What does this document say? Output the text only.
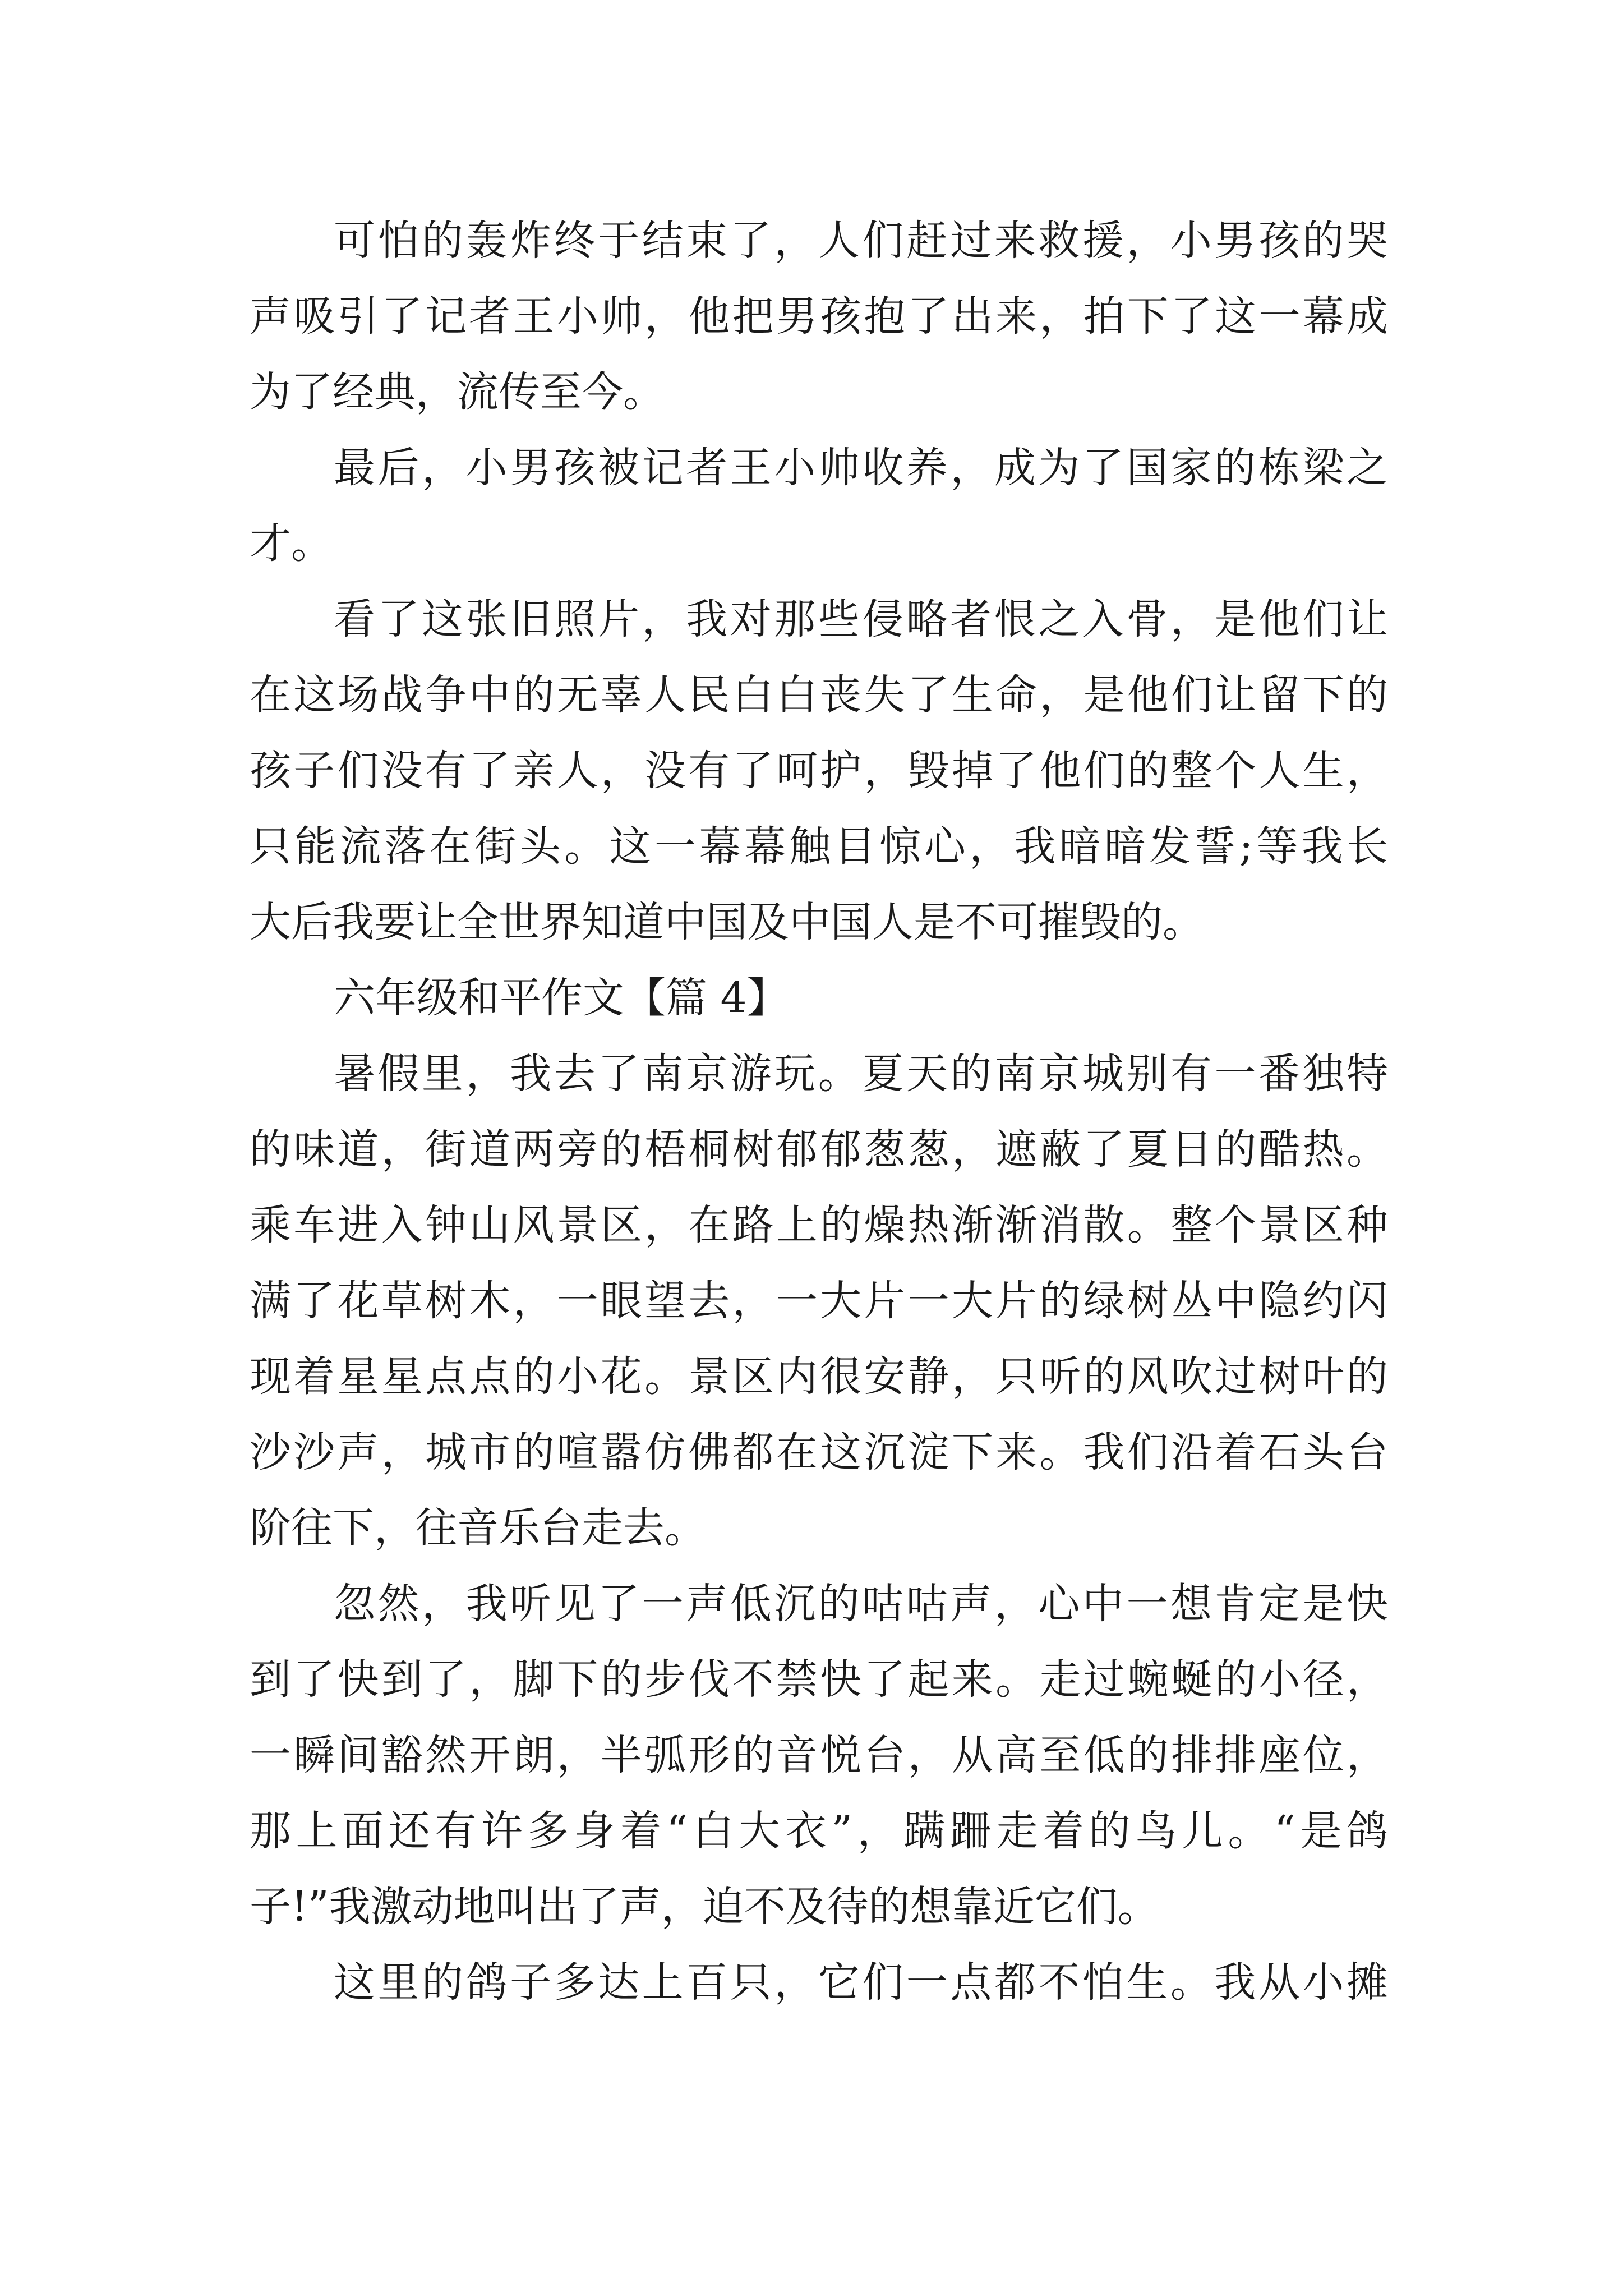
可怕的轰炸终于结束了，人们赶过来救援，小男孩的哭
声吸引了记者王小帅，他把男孩抱了出来，拍下了这一幕成
为了经典，流传至今。
最后，小男孩被记者王小帅收养，成为了国家的栋梁之
才。
看了这张旧照片，我对那些侵略者恨之入骨，是他们让
在这场战争中的无辜人民白白丧失了生命，是他们让留下的
孩子们没有了亲人，没有了呵护，毁掉了他们的整个人生，
只能流落在街头。这一幕幕触目惊心，我暗暗发誓;等我长
大后我要让全世界知道中国及中国人是不可摧毁的。
六年级和平作文【篇 4】
暑假里，我去了南京游玩。夏天的南京城别有一番独特
的味道，街道两旁的梧桐树郁郁葱葱，遮蔽了夏日的酷热。
乘车进入钟山风景区，在路上的燥热渐渐消散。整个景区种
满了花草树木，一眼望去，一大片一大片的绿树丛中隐约闪
现着星星点点的小花。景区内很安静，只听的风吹过树叶的
沙沙声，城市的喧嚣仿佛都在这沉淀下来。我们沿着石头台
阶往下，往音乐台走去。
忽然，我听见了一声低沉的咕咕声，心中一想肯定是快
到了快到了，脚下的步伐不禁快了起来。走过蜿蜒的小径，
一瞬间豁然开朗，半弧形的音悦台，从高至低的排排座位，
那上面还有许多身着“白大衣”，蹒跚走着的鸟儿。“是鸽
子!”我激动地叫出了声，迫不及待的想靠近它们。
这里的鸽子多达上百只，它们一点都不怕生。我从小摊
